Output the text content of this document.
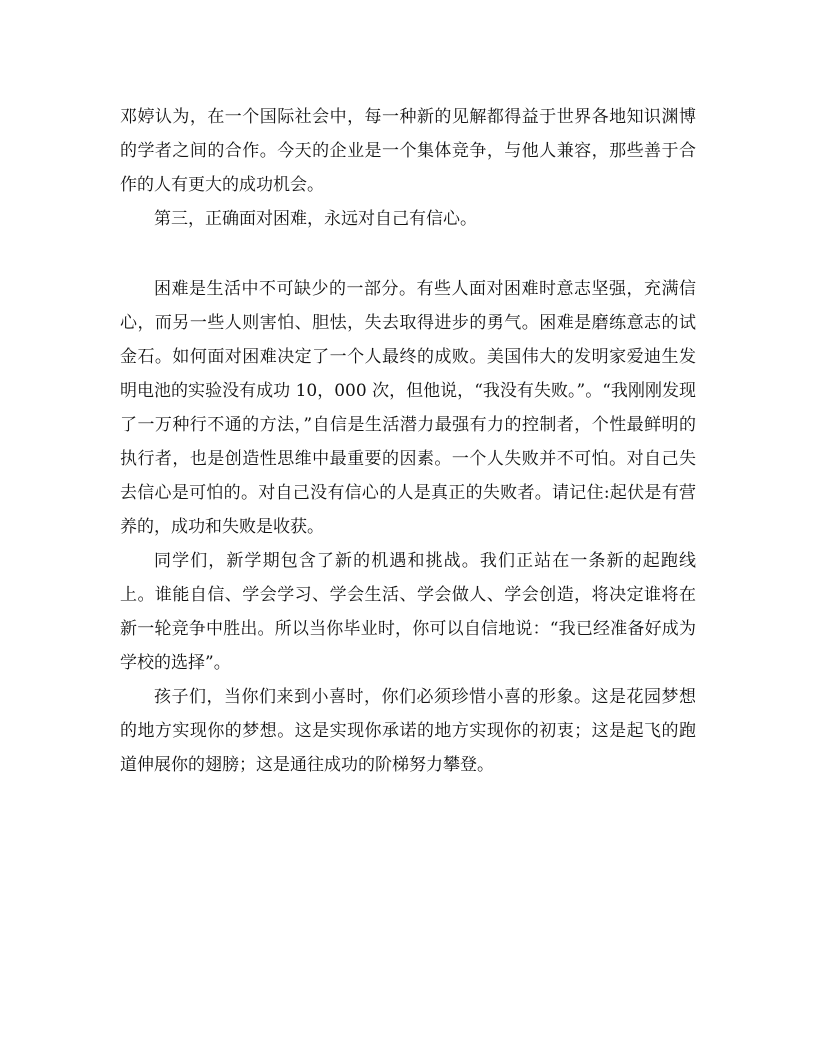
邓婷认为，在一个国际社会中，每一种新的见解都得益于世界各地知识渊博的学者之间的合作。今天的企业是一个集体竞争，与他人兼容，那些善于合作的人有更大的成功机会。

第三，正确面对困难，永远对自己有信心。

困难是生活中不可缺少的一部分。有些人面对困难时意志坚强，充满信心，而另一些人则害怕、胆怯，失去取得进步的勇气。困难是磨练意志的试金石。如何面对困难决定了一个人最终的成败。美国伟大的发明家爱迪生发明电池的实验没有成功 10，000 次，但他说，“我没有失败。”。“我刚刚发现了一万种行不通的方法，”自信是生活潜力最强有力的控制者，个性最鲜明的执行者，也是创造性思维中最重要的因素。一个人失败并不可怕。对自己失去信心是可怕的。对自己没有信心的人是真正的失败者。请记住:起伏是有营养的，成功和失败是收获。

同学们，新学期包含了新的机遇和挑战。我们正站在一条新的起跑线上。谁能自信、学会学习、学会生活、学会做人、学会创造，将决定谁将在新一轮竞争中胜出。所以当你毕业时，你可以自信地说：“我已经准备好成为学校的选择”。

孩子们，当你们来到小喜时，你们必须珍惜小喜的形象。这是花园梦想的地方实现你的梦想。这是实现你承诺的地方实现你的初衷；这是起飞的跑道伸展你的翅膀；这是通往成功的阶梯努力攀登。
